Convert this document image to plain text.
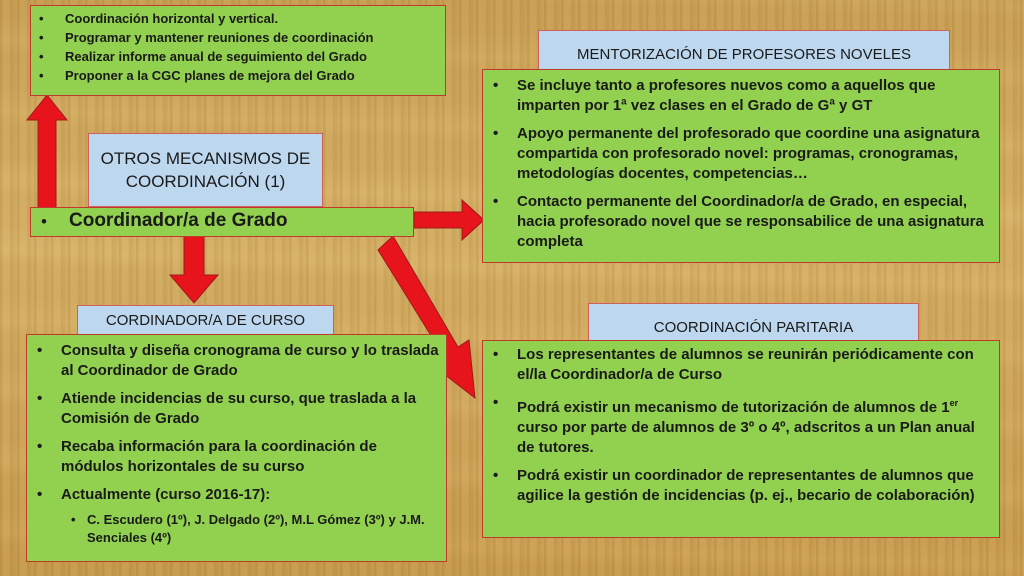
• Coordinación horizontal y vertical.
• Programar y mantener reuniones de coordinación
• Realizar informe anual de seguimiento del Grado
• Proponer a la CGC planes de mejora del Grado
MENTORIZACIÓN DE PROFESORES NOVELES
• Se incluye tanto a profesores nuevos como a aquellos que imparten por 1ª vez clases en el Grado de Gª y GT
• Apoyo permanente del profesorado que coordine una asignatura compartida con profesorado novel: programas, cronogramas, metodologías docentes, competencias…
• Contacto permanente del Coordinador/a de Grado, en especial, hacia profesorado novel que se responsabilice de una asignatura completa
OTROS MECANISMOS DE COORDINACIÓN (1)
• Coordinador/a de Grado
CORDINADOR/A DE CURSO
• Consulta y diseña cronograma de curso y lo traslada al Coordinador de Grado
• Atiende incidencias de su curso, que traslada a la Comisión de Grado
• Recaba información para la coordinación de módulos horizontales de su curso
• Actualmente (curso 2016-17):
• C. Escudero (1º), J. Delgado (2º), M.L Gómez (3º) y J.M. Senciales (4º)
COORDINACIÓN PARITARIA
• Los representantes de alumnos se reunirán periódicamente con el/la Coordinador/a de Curso
• Podrá existir un mecanismo de tutorización de alumnos de 1er curso por parte de alumnos de 3º o 4º, adscritos a un Plan anual de tutores.
• Podrá existir un coordinador de representantes de alumnos que agilice la gestión de incidencias (p. ej., becario de colaboración)
